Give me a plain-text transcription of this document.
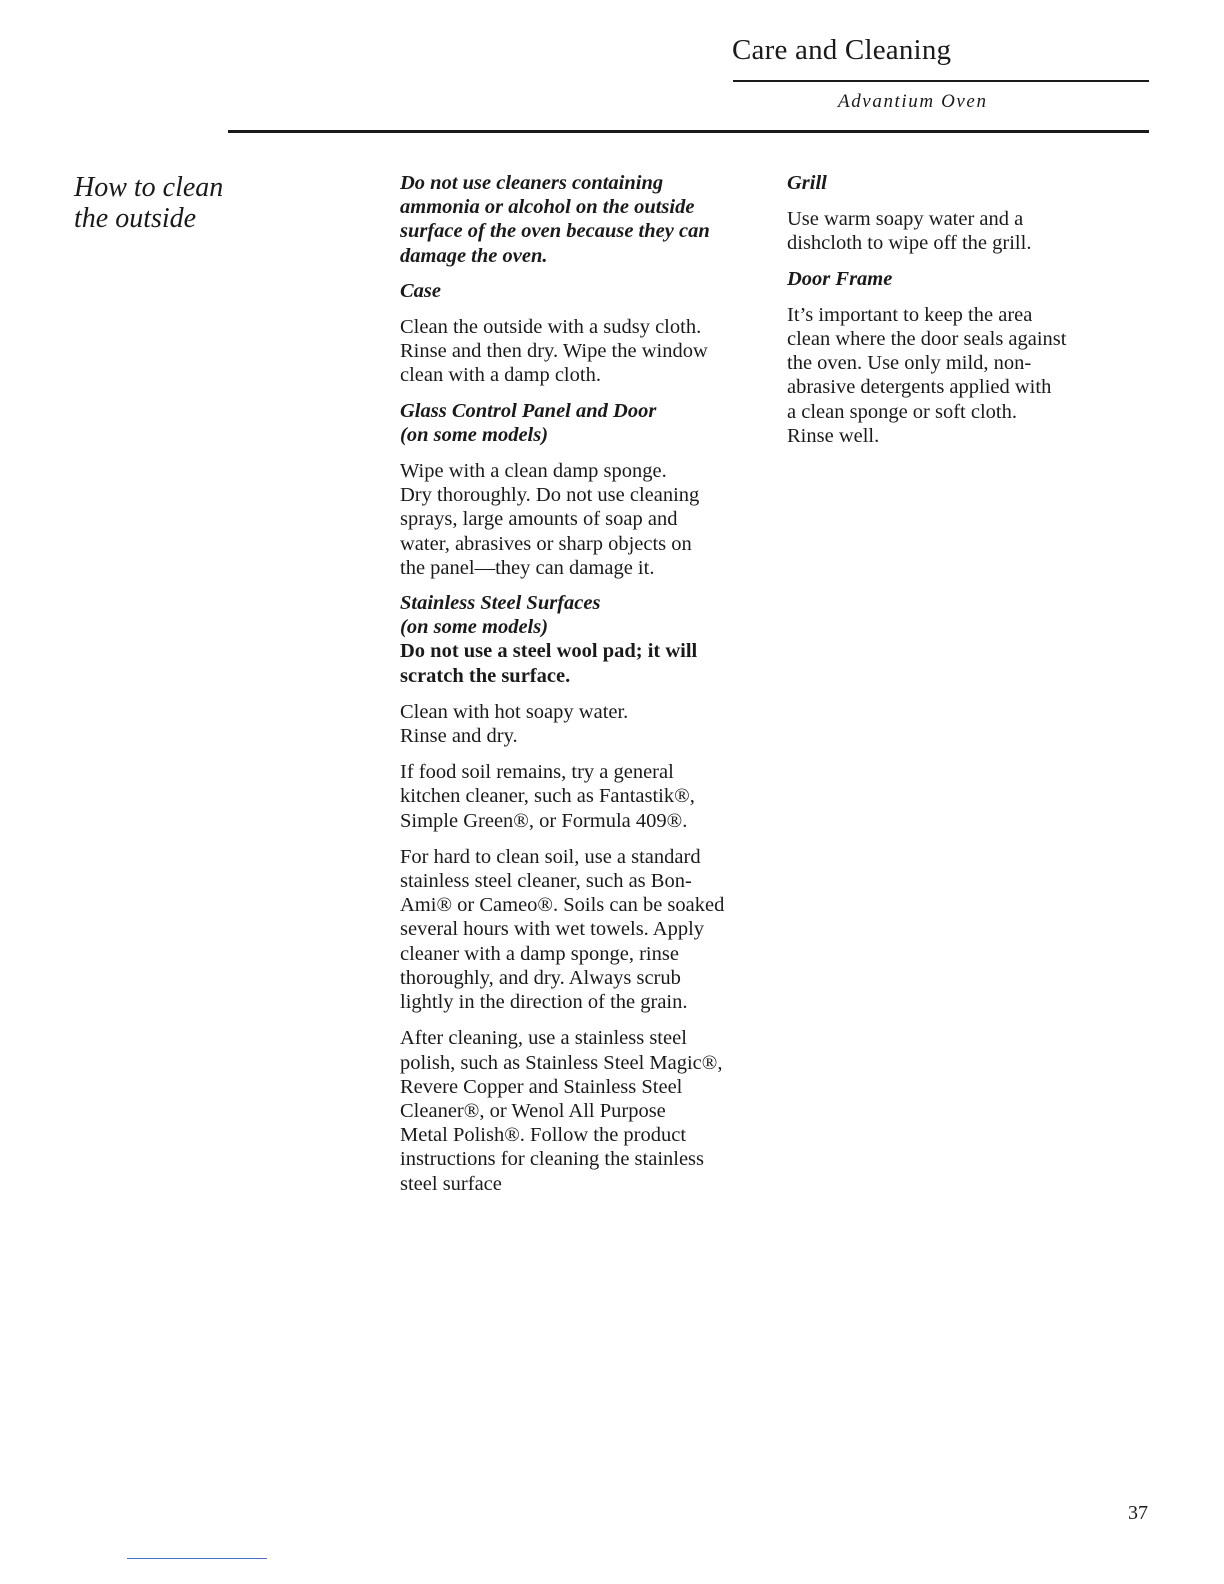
Care and Cleaning
Advantium Oven
How to clean
the outside

Do not use cleaners containing
ammonia or alcohol on the outside
surface of the oven because they can
damage the oven.

Case

Clean the outside with a sudsy cloth.
Rinse and then dry. Wipe the window
clean with a damp cloth.

Glass Control Panel and Door
(on some models)

Wipe with a clean damp sponge.
Dry thoroughly. Do not use cleaning
sprays, large amounts of soap and
water, abrasives or sharp objects on
the panel—they can damage it.

Stainless Steel Surfaces
(on some models)

Do not use a steel wool pad; it will
scratch the surface.

Clean with hot soapy water.
Rinse and dry.

If food soil remains, try a general
kitchen cleaner, such as Fantastik®,
Simple Green®, or Formula 409®.

For hard to clean soil, use a standard
stainless steel cleaner, such as Bon-
Ami® or Cameo®. Soils can be soaked
several hours with wet towels. Apply
cleaner with a damp sponge, rinse
thoroughly, and dry. Always scrub
lightly in the direction of the grain.

After cleaning, use a stainless steel
polish, such as Stainless Steel Magic®,
Revere Copper and Stainless Steel
Cleaner®, or Wenol All Purpose
Metal Polish®. Follow the product
instructions for cleaning the stainless
steel surface

Grill

Use warm soapy water and a
dishcloth to wipe off the grill.

Door Frame

It’s important to keep the area
clean where the door seals against
the oven. Use only mild, non-
abrasive detergents applied with
a clean sponge or soft cloth.
Rinse well.

37
